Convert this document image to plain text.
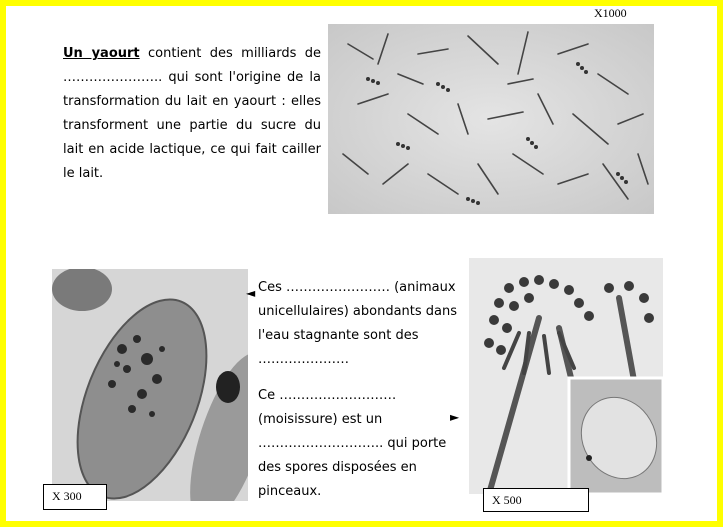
X1000
Un yaourt contient des milliards de ………………….. qui sont l'origine de la transformation du lait en yaourt : elles transforment une partie du sucre du lait en acide lactique, ce qui fait cailler le lait.
X 300
◄ Ces …………………… (animaux unicellulaires) abondants dans l'eau stagnante sont des …………………
Ce ……………………… (moisissure) est un ……………………….. qui porte des spores disposées en pinceaux.
►
X 500
